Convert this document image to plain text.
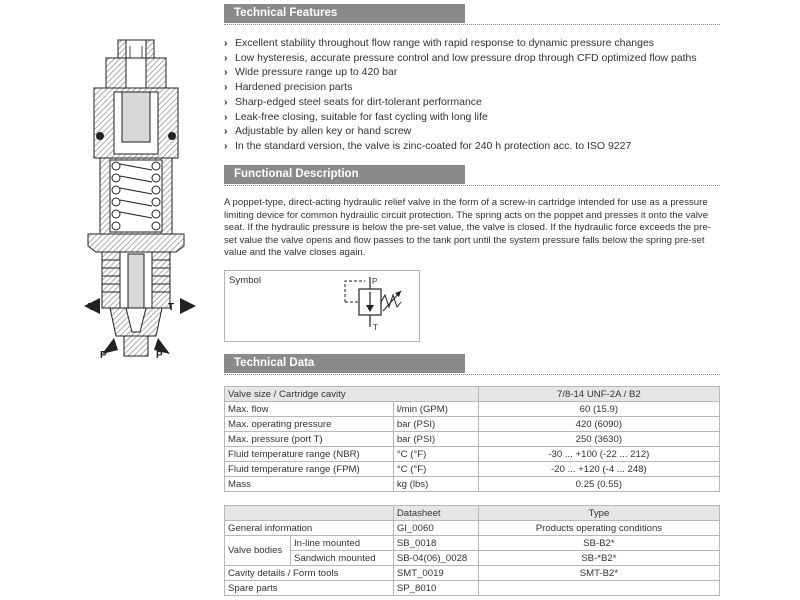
T	T
P	P
Technical Features
› Excellent stability throughout flow range with rapid response to dynamic pressure changes
› Low hysteresis, accurate pressure control and low pressure drop through CFD optimized flow paths
› Wide pressure range up to 420 bar
› Hardened precision parts
› Sharp-edged steel seats for dirt-tolerant performance
› Leak-free closing, suitable for fast cycling with long life
› Adjustable by allen key or hand screw
› In the standard version, the valve is zinc-coated for 240 h protection acc. to ISO 9227
Functional Description

A poppet-type, direct-acting hydraulic relief valve in the form of a screw-in cartridge intended for use as a pressure limiting device for common hydraulic circuit protection. The spring acts on the poppet and presses it onto the valve seat. If the hydraulic pressure is below the pre-set value, the valve is closed. If the hydraulic force exceeds the pre-set value the valve opens and flow passes to the tank port until the system pressure falls below the spring pre-set value and the valve closes again.

Symbol	P
T
Technical Data
Valve size / Cartridge cavity		7/8-14 UNF-2A / B2
Max. flow	l/min (GPM)	60 (15.9)
Max. operating pressure	bar (PSI)	420 (6090)
Max. pressure (port T)	bar (PSI)	250 (3630)
Fluid temperature range (NBR)	°C (°F)	-30 ... +100 (-22 ... 212)
Fluid temperature range (FPM)	°C (°F)	-20 ... +120 (-4 ... 248)
Mass	kg (lbs)	0.25 (0.55)
		Datasheet	Type
General information		GI_0060	Products operating conditions
Valve bodies	In-line mounted	SB_0018	SB-B2*
	Sandwich mounted	SB-04(06)_0028	SB-*B2*
Cavity details / Form tools		SMT_0019	SMT-B2*
Spare parts		SP_8010	
